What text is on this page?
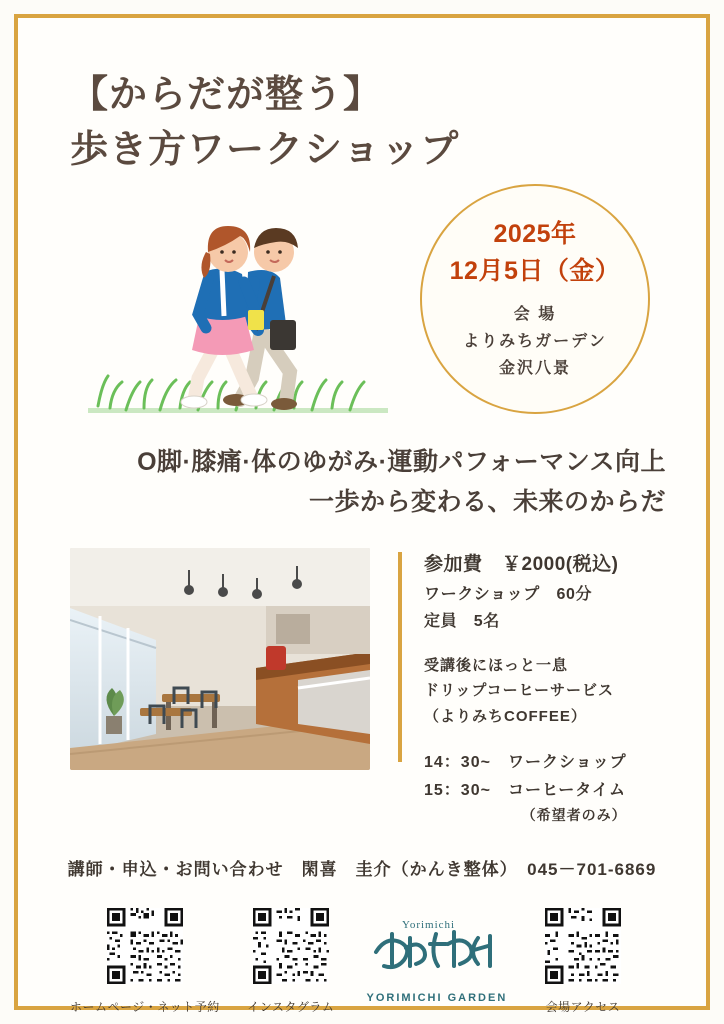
【からだが整う】
歩き方ワークショップ
2025年
12月5日（金）
会 場
よりみちガーデン
金沢八景
O脚·膝痛·体のゆがみ·運動パフォーマンス向上
一歩から変わる、未来のからだ
参加費　￥2000(税込)
ワークショップ　60分
定員　5名
受講後にほっと一息
ドリップコーヒーサービス
（よりみちCOFFEE）
14：30~　ワークショップ
15：30~　コーヒータイム
（希望者のみ）
講師・申込・お問い合わせ　閑喜　圭介（かんき整体）　045－701-6869
ホームページ・ネット予約	インスタグラム
Yorimichi
YORIMICHI GARDEN
会場アクセス
